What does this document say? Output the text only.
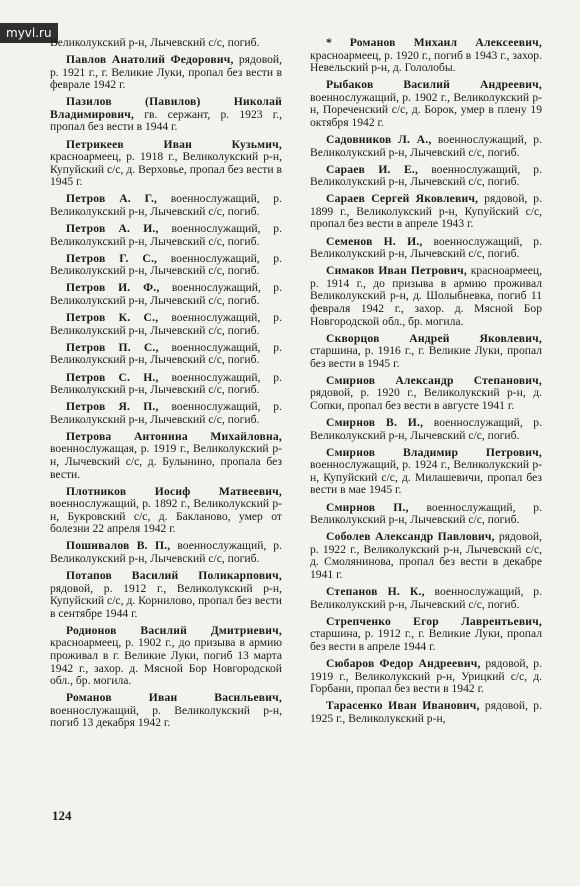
myvl.ru

Великолукский р-н, Лычевский с/с, погиб.

Павлов Анатолий Федорович, рядовой, р. 1921 г., г. Великие Луки, пропал без вести в феврале 1942 г.

Пазилов (Павилов) Николай Владимирович, гв. сержант, р. 1923 г., пропал без вести в 1944 г.

Петрикеев Иван Кузьмич, красноармеец, р. 1918 г., Великолукский р-н, Купуйский с/с, д. Верховье, пропал без вести в 1945 г.

Петров А. Г., военнослужащий, р. Великолукский р-н, Лычевский с/с, погиб.

Петров А. И., военнослужащий, р. Великолукский р-н, Лычевский с/с, погиб.

Петров Г. С., военнослужащий, р. Великолукский р-н, Лычевский с/с, погиб.

Петров И. Ф., военнослужащий, р. Великолукский р-н, Лычевский с/с, погиб.

Петров К. С., военнослужащий, р. Великолукский р-н, Лычевский с/с, погиб.

Петров П. С., военнослужащий, р. Великолукский р-н, Лычевский с/с, погиб.

Петров С. Н., военнослужащий, р. Великолукский р-н, Лычевский с/с, погиб.

Петров Я. П., военнослужащий, р. Великолукский р-н, Лычевский с/с, погиб.

Петрова Антонина Михайловна, военнослужащая, р. 1919 г., Великолукский р-н, Лычевский с/с, д. Булынино, пропала без вести.

Плотников Иосиф Матвеевич, военнослужащий, р. 1892 г., Великолукский р-н, Букровский с/с, д. Баклановo, умер от болезни 22 апреля 1942 г.

Пошивалов В. П., военнослужащий, р. Великолукский р-н, Лычевский с/с, погиб.

Потапов Василий Поликарпович, рядовой, р. 1912 г., Великолукский р-н, Купуйский с/с, д. Корнилово, пропал без вести в сентябре 1944 г.

Родионов Василий Дмитриевич, красноармеец, р. 1902 г., до призыва в армию проживал в г. Великие Луки, погиб 13 марта 1942 г., захор. д. Мясной Бор Новгородской обл., бр. могила.

Романов Иван Васильевич, военнослужащий, р. Великолукский р-н, погиб 13 декабря 1942 г.

* Романов Михаил Алексеевич, красноармеец, р. 1920 г., погиб в 1943 г., захор. Невельский р-н, д. Гололобы.

Рыбаков Василий Андреевич, военнослужащий, р. 1902 г., Великолукский р-н, Пореченский с/с, д. Борок, умер в плену 19 октября 1942 г.

Садовников Л. А., военнослужащий, р. Великолукский р-н, Лычевский с/с, погиб.

Сараев И. Е., военнослужащий, р. Великолукский р-н, Лычевский с/с, погиб.

Сараев Сергей Яковлевич, рядовой, р. 1899 г., Великолукский р-н, Купуйский с/с, пропал без вести в апреле 1943 г.

Семенов Н. И., военнослужащий, р. Великолукский р-н, Лычевский с/с, погиб.

Симаков Иван Петрович, красноармеец, р. 1914 г., до призыва в армию проживал Великолукский р-н, д. Шолыбневка, погиб 11 февраля 1942 г., захор. д. Мясной Бор Новгородской обл., бр. могила.

Скворцов Андрей Яковлевич, старшина, р. 1916 г., г. Великие Луки, пропал без вести в 1945 г.

Смирнов Александр Степанович, рядовой, р. 1920 г., Великолукский р-н, д. Сопки, пропал без вести в августе 1941 г.

Смирнов В. И., военнослужащий, р. Великолукский р-н, Лычевский с/с, погиб.

Смирнов Владимир Петрович, военнослужащий, р. 1924 г., Великолукский р-н, Купуйский с/с, д. Милашевичи, пропал без вести в мае 1945 г.

Смирнов П., военнослужащий, р. Великолукский р-н, Лычевский с/с, погиб.

Соболев Александр Павлович, рядовой, р. 1922 г., Великолукский р-н, Лычевский с/с, д. Смолянинова, пропал без вести в декабре 1941 г.

Степанов Н. К., военнослужащий, р. Великолукский р-н, Лычевский с/с, погиб.

Стрепченко Егор Лаврентьевич, старшина, р. 1912 г., г. Великие Луки, пропал без вести в апреле 1944 г.

Сюбаров Федор Андреевич, рядовой, р. 1919 г., Великолукский р-н, Урицкий с/с, д. Горбани, пропал без вести в 1942 г.

Тарасенко Иван Иванович, рядовой, р. 1925 г., Великолукский р-н,

124
